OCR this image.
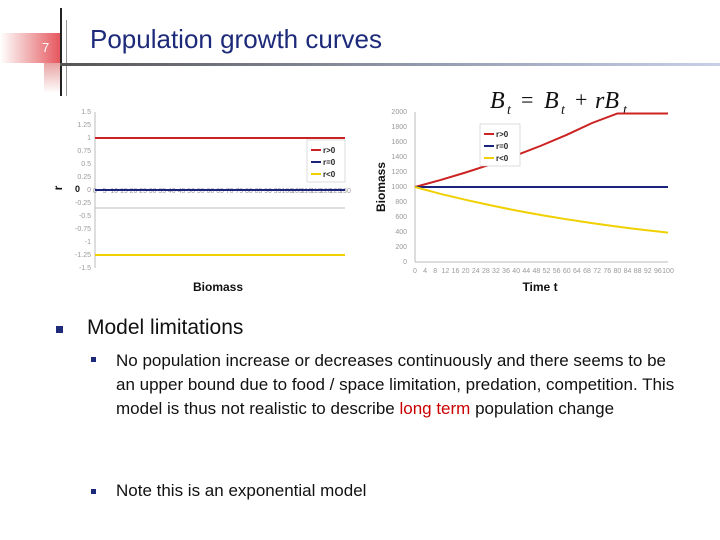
7 Population growth curves
B t = B t + rB t
1.5
1.25
1
0.75
0.5
0.25
0
-0.25
-0.5
-0.75
-1
-1.25
-1.5
0 5 10 15 20 25 30 35 40 45 50 55 60 65 70 75 80 85 90 95 100
105
110
115
120
125
130
0
r
Biomass
r>0
r=0
r<0
2000
1800
1600
1400
1200
1000
800
600
400
200
0
0 4 8 12 16 20 24 28 32 36 40 44 48 52 56 60 64 68 72 76 80 84 88 92 96 100
Biomass
Time t
r>0
r=0
r<0
Model limitations
No population increase or decreases continuously and there seems to be an upper bound due to food / space limitation, predation, competition. This model is thus not realistic to describe long term population change
Note this is an exponential model
